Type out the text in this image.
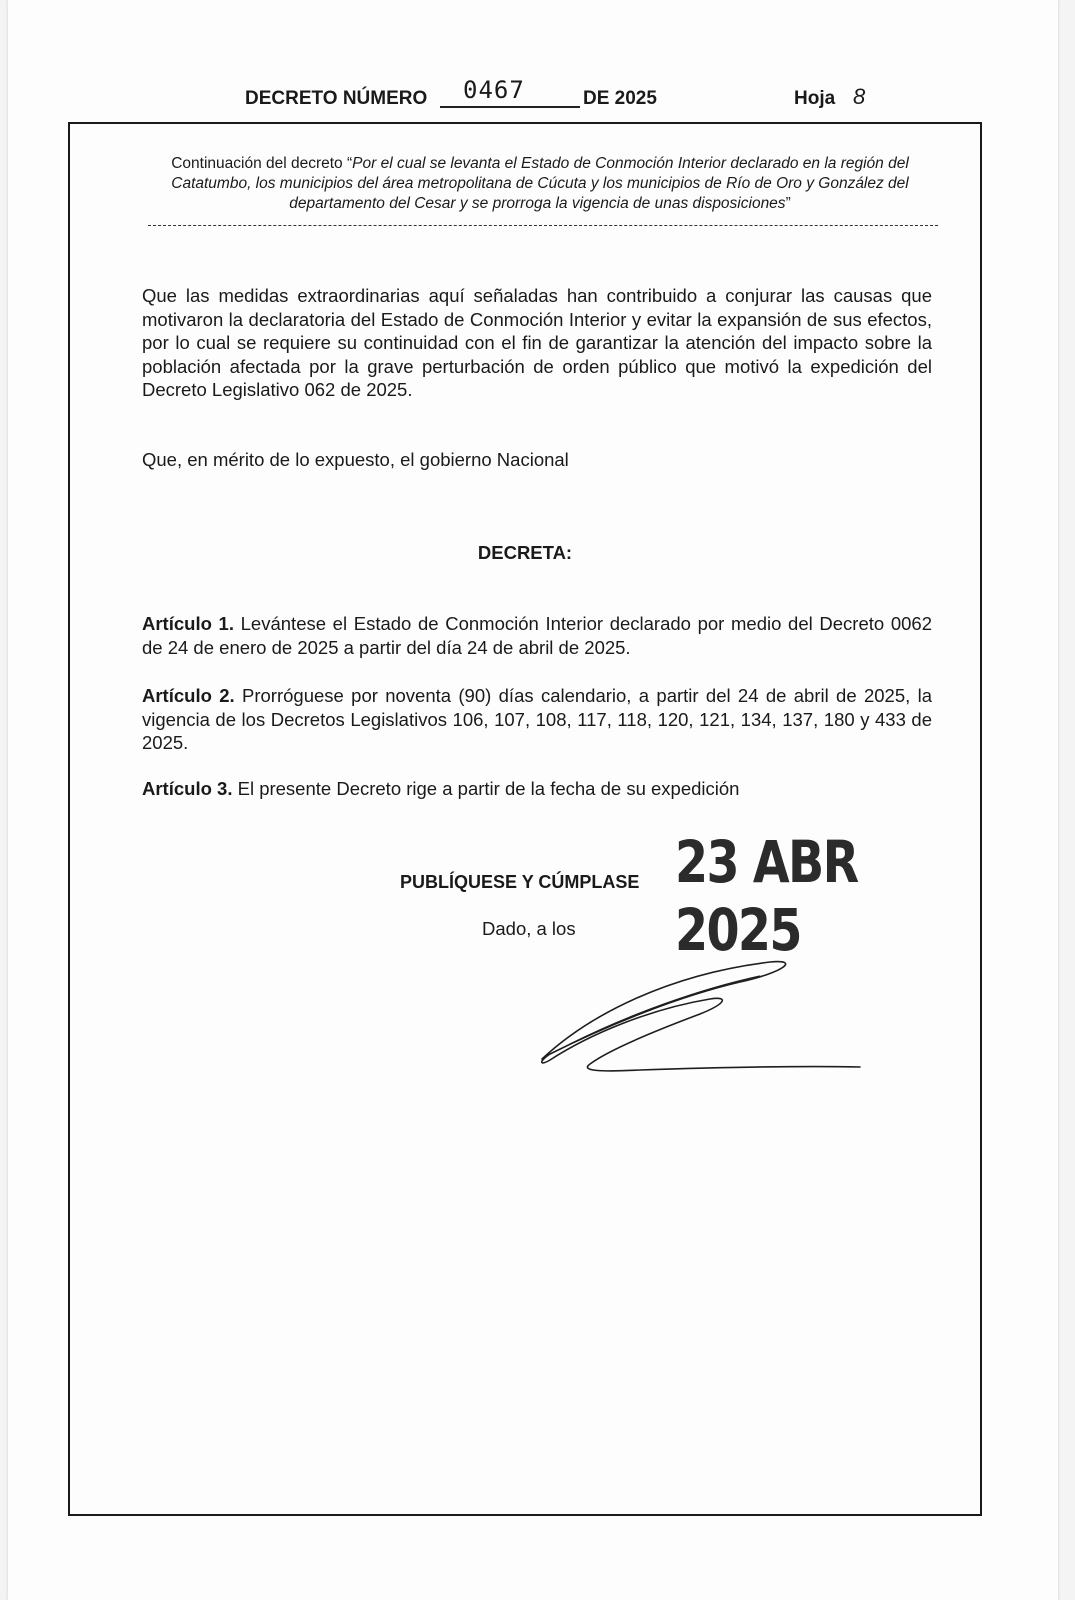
DECRETO NÚMERO 0467	DE 2025	Hoja 8
Continuación del decreto “Por el cual se levanta el Estado de Conmoción Interior declarado en la región del
Catatumbo, los municipios del área metropolitana de Cúcuta y los municipios de Río de Oro y González del
departamento del Cesar y se prorroga la vigencia de unas disposiciones”
Que las medidas extraordinarias aquí señaladas han contribuido a conjurar las causas que motivaron la declaratoria del Estado de Conmoción Interior y evitar la expansión de sus efectos, por lo cual se requiere su continuidad con el fin de garantizar la atención del impacto sobre la población afectada por la grave perturbación de orden público que motivó la expedición del Decreto Legislativo 062 de 2025.
Que, en mérito de lo expuesto, el gobierno Nacional
DECRETA:
Artículo 1. Levántese el Estado de Conmoción Interior declarado por medio del Decreto 0062 de 24 de enero de 2025 a partir del día 24 de abril de 2025.
Artículo 2. Prorróguese por noventa (90) días calendario, a partir del 24 de abril de 2025, la vigencia de los Decretos Legislativos 106, 107, 108, 117, 118, 120, 121, 134, 137, 180 y 433 de 2025.
Artículo 3. El presente Decreto rige a partir de la fecha de su expedición
PUBLÍQUESE Y CÚMPLASE 23 ABR 2025
Dado, a los
